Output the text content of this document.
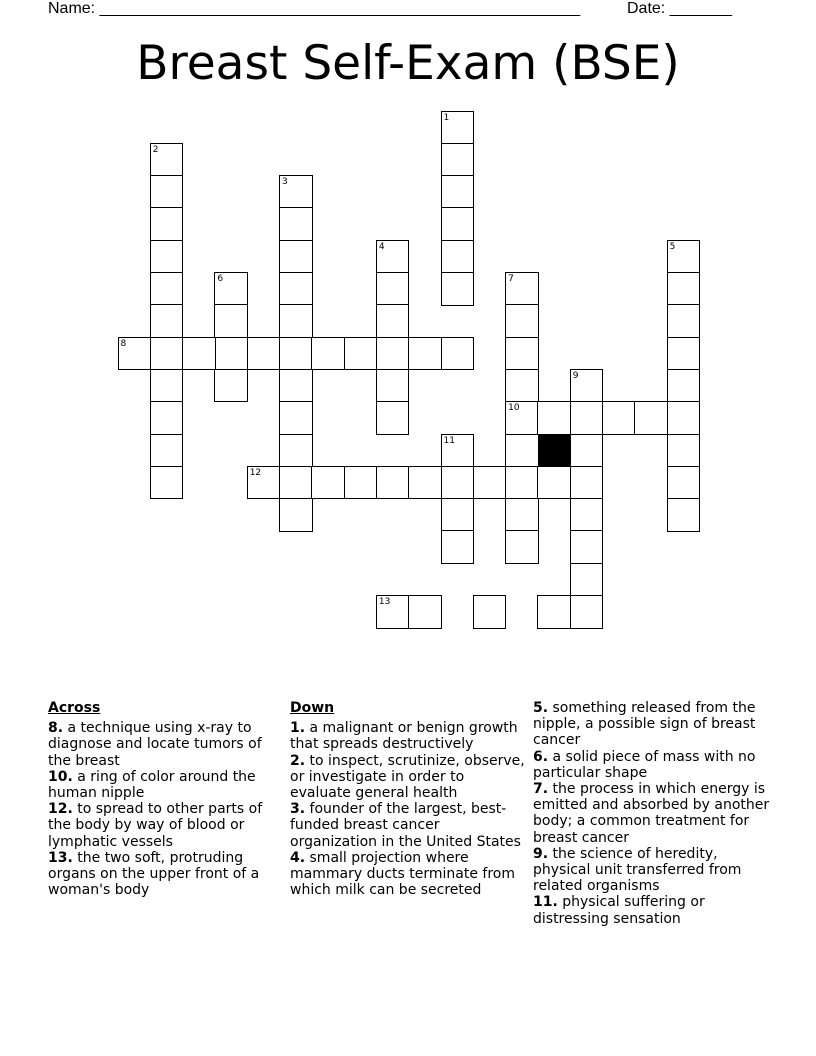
Name: ______________________________________________________	Date: _______
Breast Self-Exam (BSE)
1
2
3
4	5
6	7
10
8
9
11
12
13
Across
8. a technique using x-ray to diagnose and locate tumors of the breast
10. a ring of color around the human nipple
12. to spread to other parts of the body by way of blood or lymphatic vessels
13. the two soft, protruding organs on the upper front of a woman's body
Down
1. a malignant or benign growth that spreads destructively
2. to inspect, scrutinize, observe, or investigate in order to evaluate general health
3. founder of the largest, best-funded breast cancer organization in the United States
4. small projection where mammary ducts terminate from which milk can be secreted
5. something released from the nipple, a possible sign of breast cancer
6. a solid piece of mass with no particular shape
7. the process in which energy is emitted and absorbed by another body; a common treatment for breast cancer
9. the science of heredity, physical unit transferred from related organisms
11. physical suffering or distressing sensation
